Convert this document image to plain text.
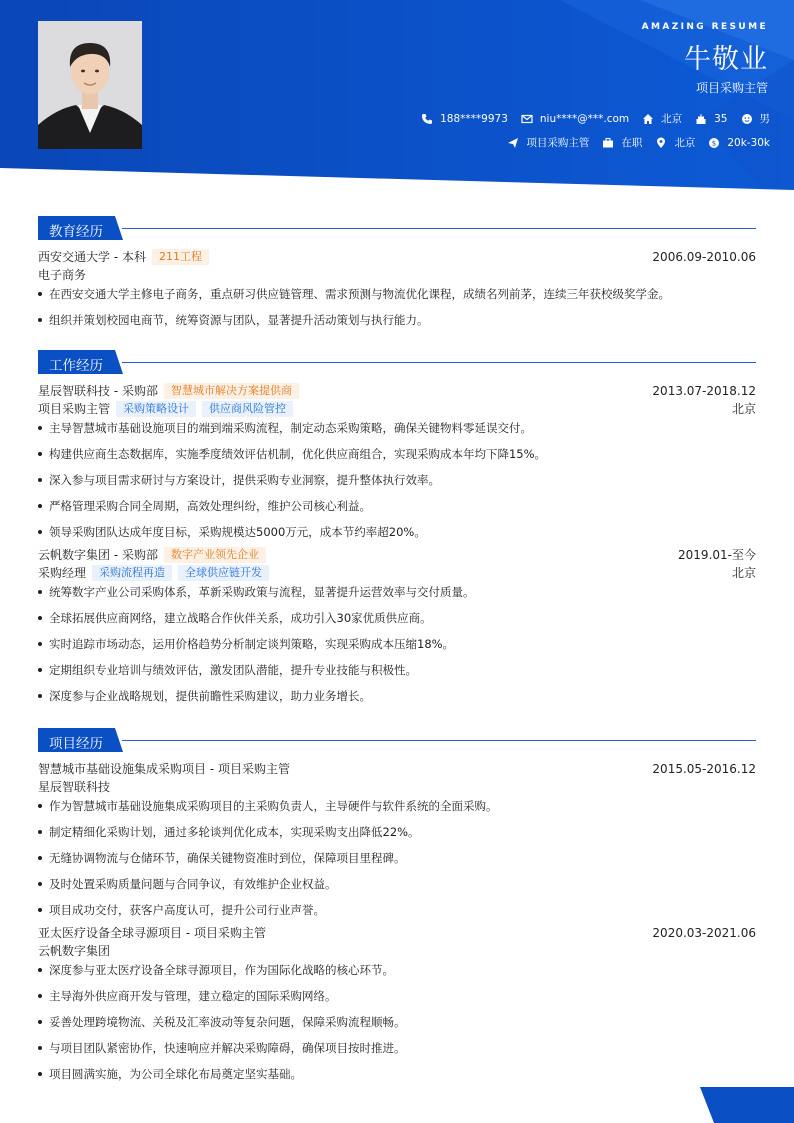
AMAZING RESUME
牛敬业
项目采购主管
188****9973	niu****@***.com	北京	35	男
项目采购主管	在职	北京 $ 20k-30k
教育经历
西安交通大学 - 本科	211工程	2006.09-2010.06
电子商务
在西安交通大学主修电子商务，重点研习供应链管理、需求预测与物流优化课程，成绩名列前茅，连续三年获校级奖学金。
组织并策划校园电商节，统筹资源与团队，显著提升活动策划与执行能力。
工作经历
星辰智联科技 - 采购部	智慧城市解决方案提供商	2013.07-2018.12
项目采购主管	采购策略设计	供应商风险管控	北京
主导智慧城市基础设施项目的端到端采购流程，制定动态采购策略，确保关键物料零延误交付。
构建供应商生态数据库，实施季度绩效评估机制，优化供应商组合，实现采购成本年均下降15%。
深入参与项目需求研讨与方案设计，提供采购专业洞察，提升整体执行效率。
严格管理采购合同全周期，高效处理纠纷，维护公司核心利益。
领导采购团队达成年度目标，采购规模达5000万元，成本节约率超20%。
云帆数字集团 - 采购部	数字产业领先企业	2019.01-至今
采购经理	采购流程再造	全球供应链开发	北京
统筹数字产业公司采购体系，革新采购政策与流程，显著提升运营效率与交付质量。
全球拓展供应商网络，建立战略合作伙伴关系，成功引入30家优质供应商。
实时追踪市场动态，运用价格趋势分析制定谈判策略，实现采购成本压缩18%。
定期组织专业培训与绩效评估，激发团队潜能，提升专业技能与积极性。
深度参与企业战略规划，提供前瞻性采购建议，助力业务增长。
项目经历
智慧城市基础设施集成采购项目 - 项目采购主管	2015.05-2016.12
星辰智联科技
作为智慧城市基础设施集成采购项目的主采购负责人，主导硬件与软件系统的全面采购。
制定精细化采购计划，通过多轮谈判优化成本，实现采购支出降低22%。
无缝协调物流与仓储环节，确保关键物资准时到位，保障项目里程碑。
及时处置采购质量问题与合同争议，有效维护企业权益。
项目成功交付，获客户高度认可，提升公司行业声誉。
亚太医疗设备全球寻源项目 - 项目采购主管	2020.03-2021.06
云帆数字集团
深度参与亚太医疗设备全球寻源项目，作为国际化战略的核心环节。
主导海外供应商开发与管理，建立稳定的国际采购网络。
妥善处理跨境物流、关税及汇率波动等复杂问题，保障采购流程顺畅。
与项目团队紧密协作，快速响应并解决采购障碍，确保项目按时推进。
项目圆满实施，为公司全球化布局奠定坚实基础。
